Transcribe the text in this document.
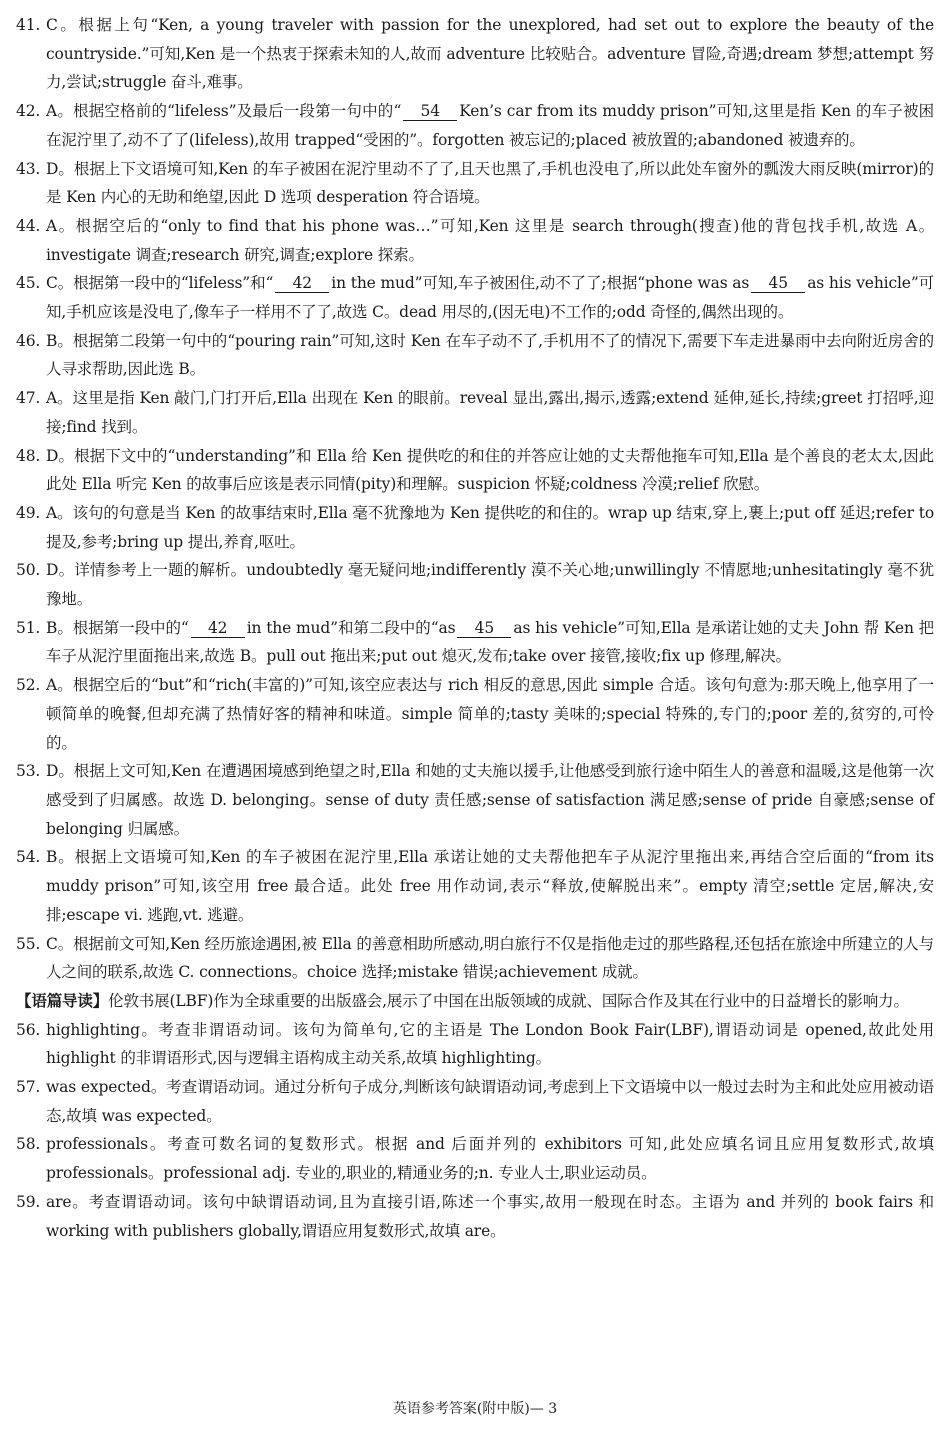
41. C。根据上句“Ken, a young traveler with passion for the unexplored, had set out to explore the beauty of the countryside.”可知,Ken 是一个热衷于探索未知的人,故而 adventure 比较贴合。adventure 冒险,奇遇;dream 梦想;attempt 努力,尝试;struggle 奋斗,难事。
42. A。根据空格前的“lifeless”及最后一段第一句中的“ 54 Ken’s car from its muddy prison”可知,这里是指 Ken 的车子被困在泥泞里了,动不了了(lifeless),故用 trapped“受困的”。forgotten 被忘记的;placed 被放置的;abandoned 被遗弃的。
43. D。根据上下文语境可知,Ken 的车子被困在泥泞里动不了了,且天也黑了,手机也没电了,所以此处车窗外的瓢泼大雨反映(mirror)的是 Ken 内心的无助和绝望,因此 D 选项 desperation 符合语境。
44. A。根据空后的“only to find that his phone was…”可知,Ken 这里是 search through(搜查)他的背包找手机,故选 A。investigate 调查;research 研究,调查;explore 探索。
45. C。根据第一段中的“lifeless”和“ 42 in the mud”可知,车子被困住,动不了了;根据“phone was as 45 as his vehicle”可知,手机应该是没电了,像车子一样用不了了,故选 C。dead 用尽的,(因无电)不工作的;odd 奇怪的,偶然出现的。
46. B。根据第二段第一句中的“pouring rain”可知,这时 Ken 在车子动不了,手机用不了的情况下,需要下车走进暴雨中去向附近房舍的人寻求帮助,因此选 B。
47. A。这里是指 Ken 敲门,门打开后,Ella 出现在 Ken 的眼前。reveal 显出,露出,揭示,透露;extend 延伸,延长,持续;greet 打招呼,迎接;find 找到。
48. D。根据下文中的“understanding”和 Ella 给 Ken 提供吃的和住的并答应让她的丈夫帮他拖车可知,Ella 是个善良的老太太,因此此处 Ella 听完 Ken 的故事后应该是表示同情(pity)和理解。suspicion 怀疑;coldness 冷漠;relief 欣慰。
49. A。该句的句意是当 Ken 的故事结束时,Ella 毫不犹豫地为 Ken 提供吃的和住的。wrap up 结束,穿上,裹上;put off 延迟;refer to 提及,参考;bring up 提出,养育,呕吐。
50. D。详情参考上一题的解析。undoubtedly 毫无疑问地;indifferently 漠不关心地;unwillingly 不情愿地;unhesitatingly 毫不犹豫地。
51. B。根据第一段中的“ 42 in the mud”和第二段中的“as 45 as his vehicle”可知,Ella 是承诺让她的丈夫 John 帮 Ken 把车子从泥泞里面拖出来,故选 B。pull out 拖出来;put out 熄灭,发布;take over 接管,接收;fix up 修理,解决。
52. A。根据空后的“but”和“rich(丰富的)”可知,该空应表达与 rich 相反的意思,因此 simple 合适。该句句意为:那天晚上,他享用了一顿简单的晚餐,但却充满了热情好客的精神和味道。simple 简单的;tasty 美味的;special 特殊的,专门的;poor 差的,贫穷的,可怜的。
53. D。根据上文可知,Ken 在遭遇困境感到绝望之时,Ella 和她的丈夫施以援手,让他感受到旅行途中陌生人的善意和温暖,这是他第一次感受到了归属感。故选 D. belonging。sense of duty 责任感;sense of satisfaction 满足感;sense of pride 自豪感;sense of belonging 归属感。
54. B。根据上文语境可知,Ken 的车子被困在泥泞里,Ella 承诺让她的丈夫帮他把车子从泥泞里拖出来,再结合空后面的“from its muddy prison”可知,该空用 free 最合适。此处 free 用作动词,表示“释放,使解脱出来”。empty 清空;settle 定居,解决,安排;escape vi. 逃跑,vt. 逃避。
55. C。根据前文可知,Ken 经历旅途遇困,被 Ella 的善意相助所感动,明白旅行不仅是指他走过的那些路程,还包括在旅途中所建立的人与人之间的联系,故选 C. connections。choice 选择;mistake 错误;achievement 成就。
【语篇导读】伦敦书展(LBF)作为全球重要的出版盛会,展示了中国在出版领域的成就、国际合作及其在行业中的日益增长的影响力。
56. highlighting。考查非谓语动词。该句为简单句,它的主语是 The London Book Fair(LBF),谓语动词是 opened,故此处用 highlight 的非谓语形式,因与逻辑主语构成主动关系,故填 highlighting。
57. was expected。考查谓语动词。通过分析句子成分,判断该句缺谓语动词,考虑到上下文语境中以一般过去时为主和此处应用被动语态,故填 was expected。
58. professionals。考查可数名词的复数形式。根据 and 后面并列的 exhibitors 可知,此处应填名词且应用复数形式,故填 professionals。professional adj. 专业的,职业的,精通业务的;n. 专业人士,职业运动员。
59. are。考查谓语动词。该句中缺谓语动词,且为直接引语,陈述一个事实,故用一般现在时态。主语为 and 并列的 book fairs 和 working with publishers globally,谓语应用复数形式,故填 are。
英语参考答案(附中版)— 3
